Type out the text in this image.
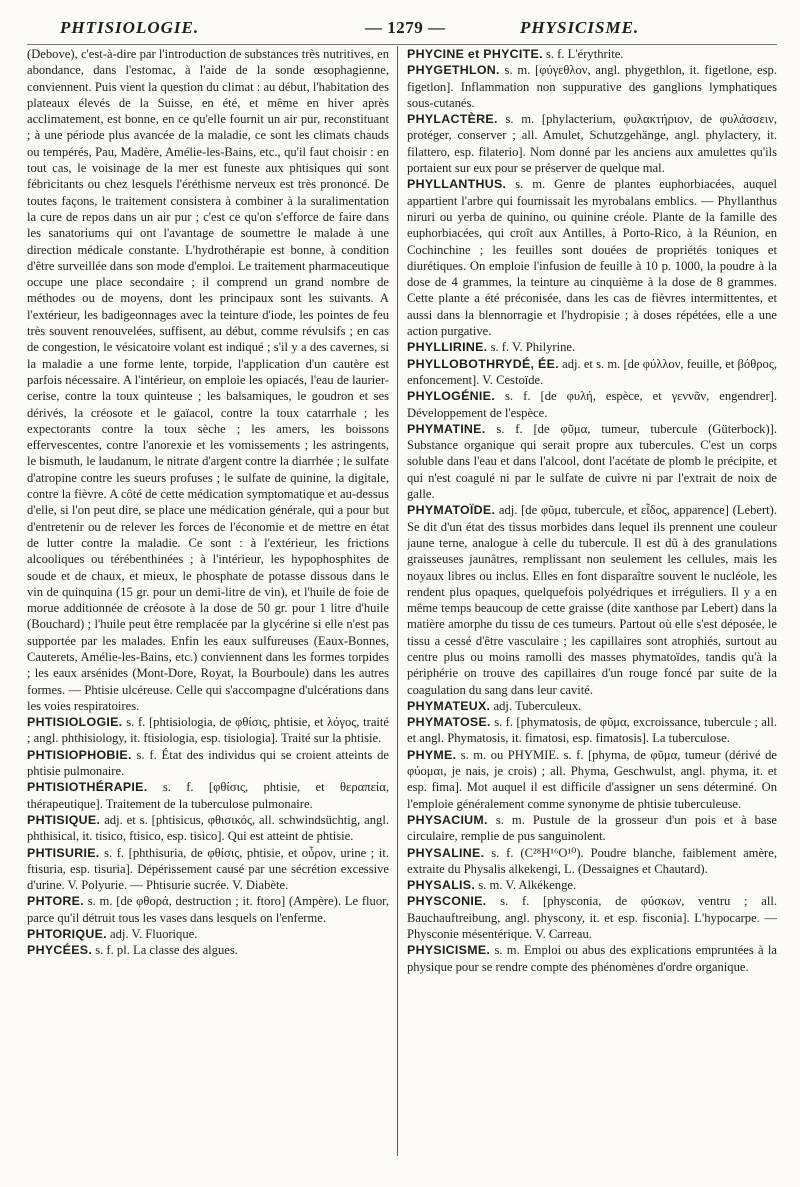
PHTISIOLOGIE.	— 1279 —	PHYSICISME.

(Debove), c'est-à-dire par l'introduction de substances très nutritives, en abondance, dans l'estomac, à l'aide de la sonde œsophagienne, conviennent. Puis vient la question du climat : au début, l'habitation des plateaux élevés de la Suisse, en été, et même en hiver après acclimatement, est bonne, en ce qu'elle fournit un air pur, reconstituant ; à une période plus avancée de la maladie, ce sont les climats chauds ou tempérés, Pau, Madère, Amélie-les-Bains, etc., qu'il faut choisir : en tout cas, le voisinage de la mer est funeste aux phtisiques qui sont fébricitants ou chez lesquels l'éréthisme nerveux est très prononcé. De toutes façons, le traitement consistera à combiner à la suralimentation la cure de repos dans un air pur ; c'est ce qu'on s'efforce de faire dans les sanatoriums qui ont l'avantage de soumettre le malade à une direction médicale constante. L'hydrothérapie est bonne, à condition d'être surveillée dans son mode d'emploi. Le traitement pharmaceutique occupe une place secondaire ; il comprend un grand nombre de méthodes ou de moyens, dont les principaux sont les suivants. A l'extérieur, les badigeonnages avec la teinture d'iode, les pointes de feu très souvent renouvelées, suffisent, au début, comme révulsifs ; en cas de congestion, le vésicatoire volant est indiqué ; s'il y a des cavernes, si la maladie a une forme lente, torpide, l'application d'un cautère est parfois nécessaire. A l'intérieur, on emploie les opiacés, l'eau de laurier-cerise, contre la toux quinteuse ; les balsamiques, le goudron et ses dérivés, la créosote et le gaïacol, contre la toux catarrhale ; les expectorants contre la toux sèche ; les amers, les boissons effervescentes, contre l'anorexie et les vomissements ; les astringents, le bismuth, le laudanum, le nitrate d'argent contre la diarrhée ; le sulfate d'atropine contre les sueurs profuses ; le sulfate de quinine, la digitale, contre la fièvre. A côté de cette médication symptomatique et au-dessus d'elle, si l'on peut dire, se place une médication générale, qui a pour but d'entretenir ou de relever les forces de l'économie et de mettre en état de lutter contre la maladie. Ce sont : à l'extérieur, les frictions alcooliques ou térébenthinées ; à l'intérieur, les hypophosphites de soude et de chaux, et mieux, le phosphate de potasse dissous dans le vin de quinquina (15 gr. pour un demi-litre de vin), et l'huile de foie de morue additionnée de créosote à la dose de 50 gr. pour 1 litre d'huile (Bouchard) ; l'huile peut être remplacée par la glycérine si elle n'est pas supportée par les malades. Enfin les eaux sulfureuses (Eaux-Bonnes, Cauterets, Amélie-les-Bains, etc.) conviennent dans les formes torpides ; les eaux arsénides (Mont-Dore, Royat, la Bourboule) dans les autres formes. — Phtisie ulcéreuse. Celle qui s'accompagne d'ulcérations dans les voies respiratoires.

PHTISIOLOGIE. s. f. [phtisiologia, de φθίσις, phtisie, et λόγος, traité ; angl. phthisiology, it. ftisiologia, esp. tisiologia]. Traité sur la phtisie.

PHTISIOPHOBIE. s. f. État des individus qui se croient atteints de phtisie pulmonaire.

PHTISIOTHÉRAPIE. s. f. [φθίσις, phtisie, et θεραπεία, thérapeutique]. Traitement de la tuberculose pulmonaire.

PHTISIQUE. adj. et s. [phtisicus, φθισικός, all. schwindsüchtig, angl. phthisical, it. tisico, ftisico, esp. tisico]. Qui est atteint de phtisie.

PHTISURIE. s. f. [phthisuria, de φθίσις, phtisie, et οὖρον, urine ; it. ftisuria, esp. tisuria]. Dépérissement causé par une sécrétion excessive d'urine. V. Polyurie. — Phtisurie sucrée. V. Diabète.

PHTORE. s. m. [de φθορά, destruction ; it. ftoro] (Ampère). Le fluor, parce qu'il détruit tous les vases dans lesquels on l'enferme.

PHTORIQUE. adj. V. Fluorique.

PHYCÉES. s. f. pl. La classe des algues.

PHYCINE et PHYCITE. s. f. L'érythrite.

PHYGETHLON. s. m. [φύγεθλον, angl. phygethlon, it. figetlone, esp. figetlon]. Inflammation non suppurative des ganglions lymphatiques sous-cutanés.

PHYLACTÈRE. s. m. [phylacterium, φυλακτήριον, de φυλάσσειν, protéger, conserver ; all. Amulet, Schutzgehänge, angl. phylactery, it. filattero, esp. filaterio]. Nom donné par les anciens aux amulettes qu'ils portaient sur eux pour se préserver de quelque mal.

PHYLLANTHUS. s. m. Genre de plantes euphorbiacées, auquel appartient l'arbre qui fournissait les myrobalans emblics. — Phyllanthus niruri ou yerba de quinino, ou quinine créole. Plante de la famille des euphorbiacées, qui croît aux Antilles, à Porto-Rico, à la Réunion, en Cochinchine ; les feuilles sont douées de propriétés toniques et diurétiques. On emploie l'infusion de feuille à 10 p. 1000, la poudre à la dose de 4 grammes, la teinture au cinquième à la dose de 8 grammes. Cette plante a été préconisée, dans les cas de fièvres intermittentes, et aussi dans la blennorragie et l'hydropisie ; à doses répétées, elle a une action purgative.

PHYLLIRINE. s. f. V. Philyrine.

PHYLLOBOTHRYDÉ, ÉE. adj. et s. m. [de φύλλον, feuille, et βόθρος, enfoncement]. V. Cestoïde.

PHYLOGÉNIE. s. f. [de φυλή, espèce, et γεννᾶν, engendrer]. Développement de l'espèce.

PHYMATINE. s. f. [de φῦμα, tumeur, tubercule (Güterbock)]. Substance organique qui serait propre aux tubercules. C'est un corps soluble dans l'eau et dans l'alcool, dont l'acétate de plomb le précipite, et qui n'est coagulé ni par le sulfate de cuivre ni par l'extrait de noix de galle.

PHYMATOÏDE. adj. [de φῦμα, tubercule, et εἶδος, apparence] (Lebert). Se dit d'un état des tissus morbides dans lequel ils prennent une couleur jaune terne, analogue à celle du tubercule. Il est dû à des granulations graisseuses jaunâtres, remplissant non seulement les cellules, mais les noyaux libres ou inclus. Elles en font disparaître souvent le nucléole, les rendent plus opaques, quelquefois polyédriques et irréguliers. Il y a en même temps beaucoup de cette graisse (dite xanthose par Lebert) dans la matière amorphe du tissu de ces tumeurs. Partout où elle s'est déposée, le tissu a cessé d'être vasculaire ; les capillaires sont atrophiés, surtout au centre plus ou moins ramolli des masses phymatoïdes, tandis qu'à la périphérie on trouve des capillaires d'un rouge foncé par suite de la coagulation du sang dans leur cavité.

PHYMATEUX. adj. Tuberculeux.

PHYMATOSE. s. f. [phymatosis, de φῦμα, excroissance, tubercule ; all. et angl. Phymatosis, it. fimatosi, esp. fimatosis]. La tuberculose.

PHYME. s. m. ou PHYMIE. s. f. [phyma, de φῦμα, tumeur (dérivé de φύομαι, je nais, je crois) ; all. Phyma, Geschwulst, angl. phyma, it. et esp. fima]. Mot auquel il est difficile d'assigner un sens déterminé. On l'emploie généralement comme synonyme de phtisie tuberculeuse.

PHYSACIUM. s. m. Pustule de la grosseur d'un pois et à base circulaire, remplie de pus sanguinolent.

PHYSALINE. s. f. (C²⁸H¹⁶O¹⁰). Poudre blanche, faiblement amère, extraite du Physalis alkekengi, L. (Dessaignes et Chautard).

PHYSALIS. s. m. V. Alkékenge.

PHYSCONIE. s. f. [physconia, de φύσκων, ventru ; all. Bauchauftreibung, angl. physcony, it. et esp. fisconia]. L'hypocarpe. — Physconie mésentérique. V. Carreau.

PHYSICISME. s. m. Emploi ou abus des explications empruntées à la physique pour se rendre compte des phénomènes d'ordre organique.
